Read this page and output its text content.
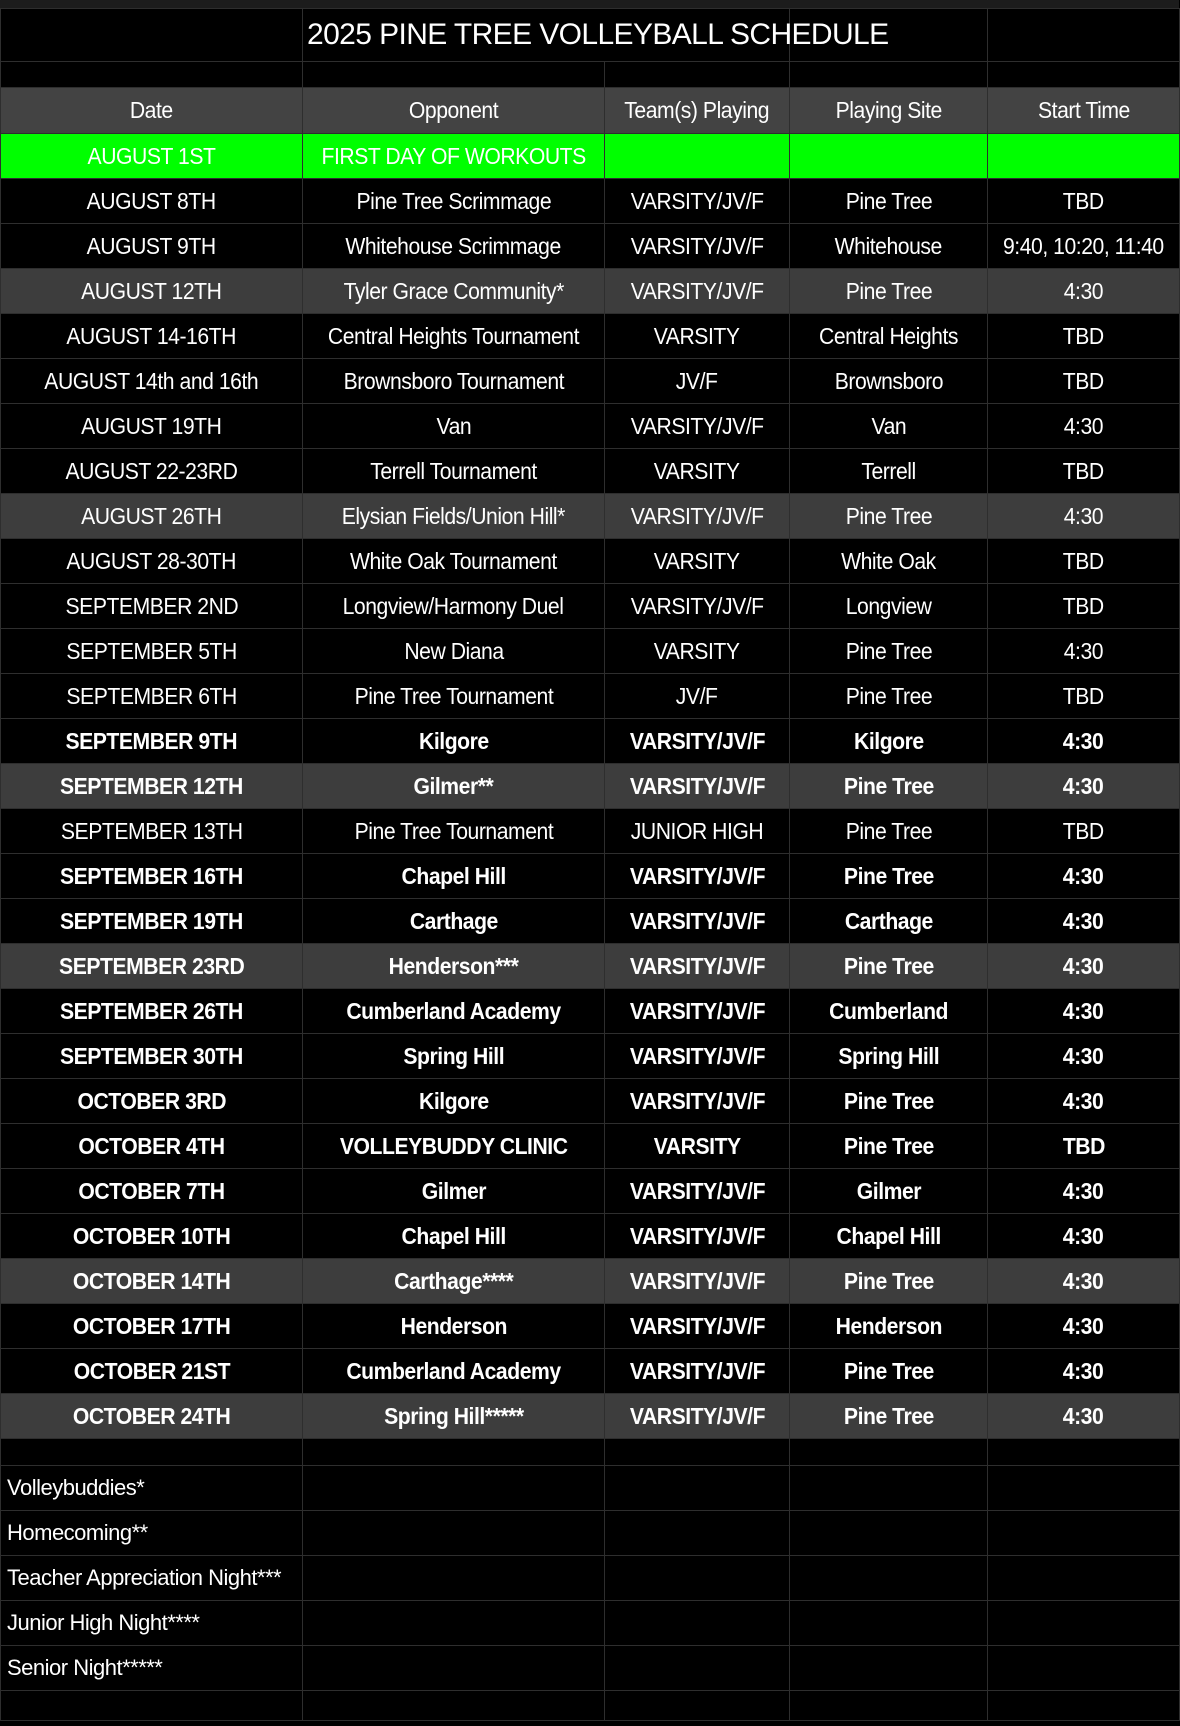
	2025 PINE TREE VOLLEYBALL SCHEDULE			

Date	Opponent	Team(s) Playing	Playing Site	Start Time
AUGUST 1ST	FIRST DAY OF WORKOUTS			
AUGUST 8TH	Pine Tree Scrimmage	VARSITY/JV/F	Pine Tree	TBD
AUGUST 9TH	Whitehouse Scrimmage	VARSITY/JV/F	Whitehouse	9:40, 10:20, 11:40
AUGUST 12TH	Tyler Grace Community*	VARSITY/JV/F	Pine Tree	4:30
AUGUST 14-16TH	Central Heights Tournament	VARSITY	Central Heights	TBD
AUGUST 14th and 16th	Brownsboro Tournament	JV/F	Brownsboro	TBD
AUGUST 19TH	Van	VARSITY/JV/F	Van	4:30
AUGUST 22-23RD	Terrell Tournament	VARSITY	Terrell	TBD
AUGUST 26TH	Elysian Fields/Union Hill*	VARSITY/JV/F	Pine Tree	4:30
AUGUST 28-30TH	White Oak Tournament	VARSITY	White Oak	TBD
SEPTEMBER 2ND	Longview/Harmony Duel	VARSITY/JV/F	Longview	TBD
SEPTEMBER 5TH	New Diana	VARSITY	Pine Tree	4:30
SEPTEMBER 6TH	Pine Tree Tournament	JV/F	Pine Tree	TBD
SEPTEMBER 9TH	Kilgore	VARSITY/JV/F	Kilgore	4:30
SEPTEMBER 12TH	Gilmer**	VARSITY/JV/F	Pine Tree	4:30
SEPTEMBER 13TH	Pine Tree Tournament	JUNIOR HIGH	Pine Tree	TBD
SEPTEMBER 16TH	Chapel Hill	VARSITY/JV/F	Pine Tree	4:30
SEPTEMBER 19TH	Carthage	VARSITY/JV/F	Carthage	4:30
SEPTEMBER 23RD	Henderson***	VARSITY/JV/F	Pine Tree	4:30
SEPTEMBER 26TH	Cumberland Academy	VARSITY/JV/F	Cumberland	4:30
SEPTEMBER 30TH	Spring Hill	VARSITY/JV/F	Spring Hill	4:30
OCTOBER 3RD	Kilgore	VARSITY/JV/F	Pine Tree	4:30
OCTOBER 4TH	VOLLEYBUDDY CLINIC	VARSITY	Pine Tree	TBD
OCTOBER 7TH	Gilmer	VARSITY/JV/F	Gilmer	4:30
OCTOBER 10TH	Chapel Hill	VARSITY/JV/F	Chapel Hill	4:30
OCTOBER 14TH	Carthage****	VARSITY/JV/F	Pine Tree	4:30
OCTOBER 17TH	Henderson	VARSITY/JV/F	Henderson	4:30
OCTOBER 21ST	Cumberland Academy	VARSITY/JV/F	Pine Tree	4:30
OCTOBER 24TH	Spring Hill*****	VARSITY/JV/F	Pine Tree	4:30

Volleybuddies*				
Homecoming**				
Teacher Appreciation Night***				
Junior High Night****				
Senior Night*****				
